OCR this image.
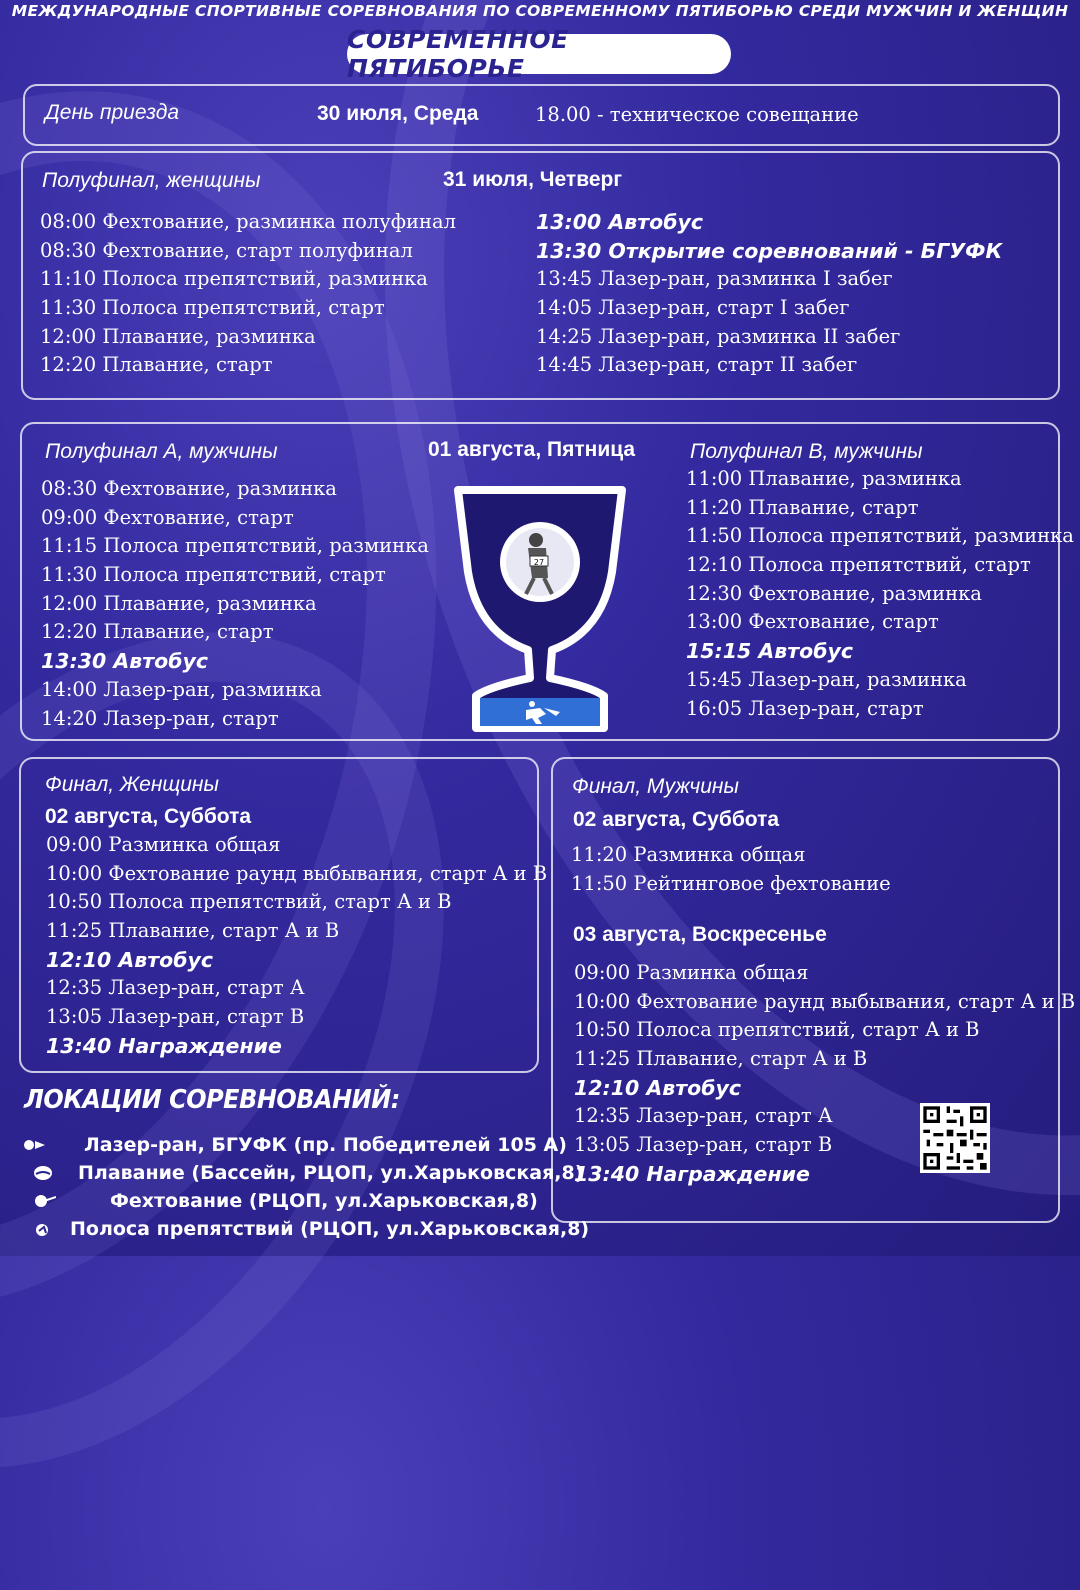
МЕЖДУНАРОДНЫЕ СПОРТИВНЫЕ СОРЕВНОВАНИЯ ПО СОВРЕМЕННОМУ ПЯТИБОРЬЮ СРЕДИ МУЖЧИН И ЖЕНЩИН
СОВРЕМЕННОЕ ПЯТИБОРЬЕ
День приезда	30 июля, Среда	18.00 - техническое совещание
Полуфинал, женщины	31 июля, Четверг
08:00 Фехтование, разминка полуфинал
08:30 Фехтование, старт полуфинал
11:10 Полоса препятствий, разминка
11:30 Полоса препятствий, старт
12:00 Плавание, разминка
12:20 Плавание, старт
13:00 Автобус
13:30 Открытие соревнований - БГУФК
13:45 Лазер-ран, разминка I забег
14:05 Лазер-ран, старт I забег
14:25 Лазер-ран, разминка II забег
14:45 Лазер-ран, старт II забег
Полуфинал А, мужчины	01 августа, Пятница	Полуфинал В, мужчины
08:30 Фехтование, разминка
09:00 Фехтование, старт
11:15 Полоса препятствий, разминка
11:30 Полоса препятствий, старт
12:00 Плавание, разминка
12:20 Плавание, старт
13:30 Автобус
14:00 Лазер-ран, разминка
14:20 Лазер-ран, старт
11:00 Плавание, разминка
11:20 Плавание, старт
11:50 Полоса препятствий, разминка
12:10 Полоса препятствий, старт
12:30 Фехтование, разминка
13:00 Фехтование, старт
15:15 Автобус
15:45 Лазер-ран, разминка
16:05 Лазер-ран, старт
27
Финал, Женщины
02 августа, Суббота
09:00 Разминка общая
10:00 Фехтование раунд выбывания, старт А и В
10:50 Полоса препятствий, старт А и В
11:25 Плавание, старт А и В
12:10 Автобус
12:35 Лазер-ран, старт А
13:05 Лазер-ран, старт В
13:40 Награждение
Финал, Мужчины
02 августа, Суббота
11:20 Разминка общая
11:50 Рейтинговое фехтование
03 августа, Воскресенье
09:00 Разминка общая
10:00 Фехтование раунд выбывания, старт А и В
10:50 Полоса препятствий, старт А и В
11:25 Плавание, старт А и В
12:10 Автобус
12:35 Лазер-ран, старт А
13:05 Лазер-ран, старт В
13:40 Награждение
ЛОКАЦИИ СОРЕВНОВАНИЙ:
Лазер-ран, БГУФК (пр. Победителей 105 А)
Плавание (Бассейн, РЦОП, ул.Харьковская,8)
Фехтование (РЦОП, ул.Харьковская,8)
Полоса препятствий (РЦОП, ул.Харьковская,8)
